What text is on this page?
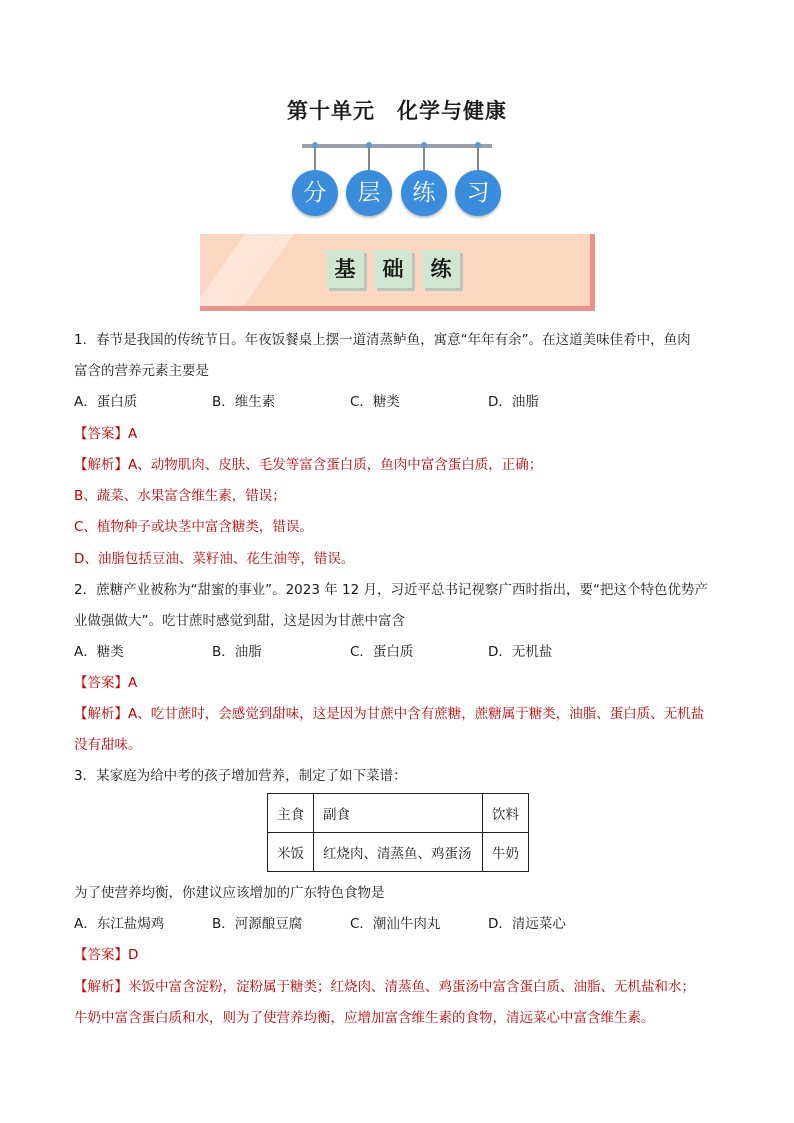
第十单元 化学与健康
分	层	练	习
基	础	练
1．春节是我国的传统节日。年夜饭餐桌上摆一道清蒸鲈鱼，寓意“年年有余”。在这道美味佳肴中，鱼肉
富含的营养元素主要是
A．蛋白质	B．维生素	C．糖类	D．油脂
【答案】A
【解析】A、动物肌肉、皮肤、毛发等富含蛋白质，鱼肉中富含蛋白质，正确；
B、蔬菜、水果富含维生素，错误；
C、植物种子或块茎中富含糖类，错误。
D、油脂包括豆油、菜籽油、花生油等，错误。
2．蔗糖产业被称为“甜蜜的事业”。2023 年 12 月，习近平总书记视察广西时指出，要“把这个特色优势产
业做强做大”。吃甘蔗时感觉到甜，这是因为甘蔗中富含
A．糖类	B．油脂	C．蛋白质	D．无机盐
【答案】A
【解析】A、吃甘蔗时，会感觉到甜味，这是因为甘蔗中含有蔗糖，蔗糖属于糖类，油脂、蛋白质、无机盐
没有甜味。
3．某家庭为给中考的孩子增加营养，制定了如下菜谱：
主食	副食	饮料
米饭	红烧肉、清蒸鱼、鸡蛋汤	牛奶
为了使营养均衡，你建议应该增加的广东特色食物是
A．东江盐焗鸡	B．河源酿豆腐	C．潮汕牛肉丸	D．清远菜心
【答案】D
【解析】米饭中富含淀粉，淀粉属于糖类；红烧肉、清蒸鱼、鸡蛋汤中富含蛋白质、油脂、无机盐和水；
牛奶中富含蛋白质和水，则为了使营养均衡，应增加富含维生素的食物，清远菜心中富含维生素。
